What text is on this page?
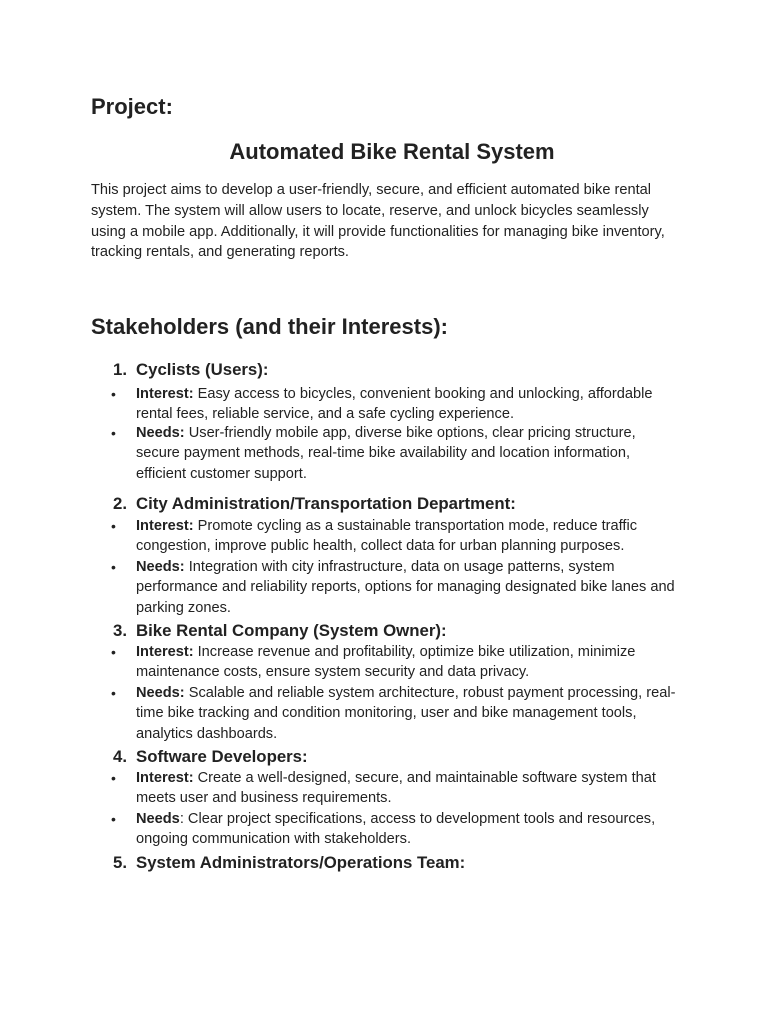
Project:
Automated Bike Rental System

This project aims to develop a user-friendly, secure, and efficient automated bike rental system. The system will allow users to locate, reserve, and unlock bicycles seamlessly using a mobile app. Additionally, it will provide functionalities for managing bike inventory, tracking rentals, and generating reports.

Stakeholders (and their Interests):
1. Cyclists (Users):
• Interest: Easy access to bicycles, convenient booking and unlocking, affordable rental fees, reliable service, and a safe cycling experience.
• Needs: User-friendly mobile app, diverse bike options, clear pricing structure, secure payment methods, real-time bike availability and location information, efficient customer support.
2. City Administration/Transportation Department:
• Interest: Promote cycling as a sustainable transportation mode, reduce traffic congestion, improve public health, collect data for urban planning purposes.
• Needs: Integration with city infrastructure, data on usage patterns, system performance and reliability reports, options for managing designated bike lanes and parking zones.
3. Bike Rental Company (System Owner):
• Interest: Increase revenue and profitability, optimize bike utilization, minimize maintenance costs, ensure system security and data privacy.
• Needs: Scalable and reliable system architecture, robust payment processing, real-time bike tracking and condition monitoring, user and bike management tools, analytics dashboards.
4. Software Developers:
• Interest: Create a well-designed, secure, and maintainable software system that meets user and business requirements.
• Needs: Clear project specifications, access to development tools and resources, ongoing communication with stakeholders.
5. System Administrators/Operations Team:
